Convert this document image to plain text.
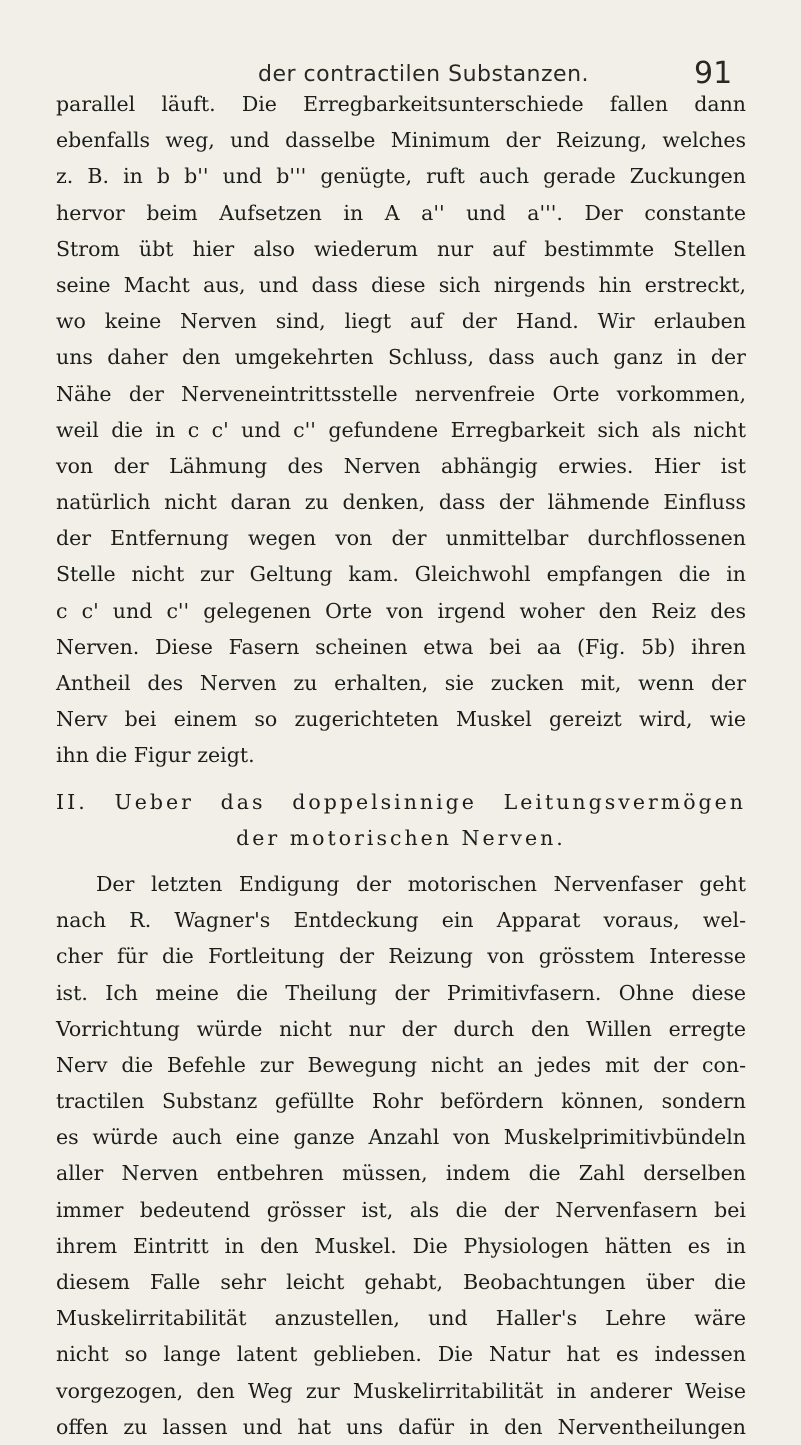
der contractilen Substanzen.	91
parallel läuft. Die Erregbarkeitsunterschiede fallen dann
ebenfalls weg, und dasselbe Minimum der Reizung, welches
z. B. in b b'' und b''' genügte, ruft auch gerade Zuckungen
hervor beim Aufsetzen in A a'' und a'''. Der constante
Strom übt hier also wiederum nur auf bestimmte Stellen
seine Macht aus, und dass diese sich nirgends hin erstreckt,
wo keine Nerven sind, liegt auf der Hand. Wir erlauben
uns daher den umgekehrten Schluss, dass auch ganz in der
Nähe der Nerveneintrittsstelle nervenfreie Orte vorkommen,
weil die in c c' und c'' gefundene Erregbarkeit sich als nicht
von der Lähmung des Nerven abhängig erwies. Hier ist
natürlich nicht daran zu denken, dass der lähmende Einfluss
der Entfernung wegen von der unmittelbar durchflossenen
Stelle nicht zur Geltung kam. Gleichwohl empfangen die in
c c' und c'' gelegenen Orte von irgend woher den Reiz des
Nerven. Diese Fasern scheinen etwa bei aa (Fig. 5b) ihren
Antheil des Nerven zu erhalten, sie zucken mit, wenn der
Nerv bei einem so zugerichteten Muskel gereizt wird, wie
ihn die Figur zeigt.
II. Ueber das doppelsinnige Leitungsvermögen
der motorischen Nerven.
Der letzten Endigung der motorischen Nervenfaser geht
nach R. Wagner's Entdeckung ein Apparat voraus, wel-
cher für die Fortleitung der Reizung von grösstem Interesse
ist. Ich meine die Theilung der Primitivfasern. Ohne diese
Vorrichtung würde nicht nur der durch den Willen erregte
Nerv die Befehle zur Bewegung nicht an jedes mit der con-
tractilen Substanz gefüllte Rohr befördern können, sondern
es würde auch eine ganze Anzahl von Muskelprimitivbündeln
aller Nerven entbehren müssen, indem die Zahl derselben
immer bedeutend grösser ist, als die der Nervenfasern bei
ihrem Eintritt in den Muskel. Die Physiologen hätten es in
diesem Falle sehr leicht gehabt, Beobachtungen über die
Muskelirritabilität anzustellen, und Haller's Lehre wäre
nicht so lange latent geblieben. Die Natur hat es indessen
vorgezogen, den Weg zur Muskelirritabilität in anderer Weise
offen zu lassen und hat uns dafür in den Nerventheilungen
